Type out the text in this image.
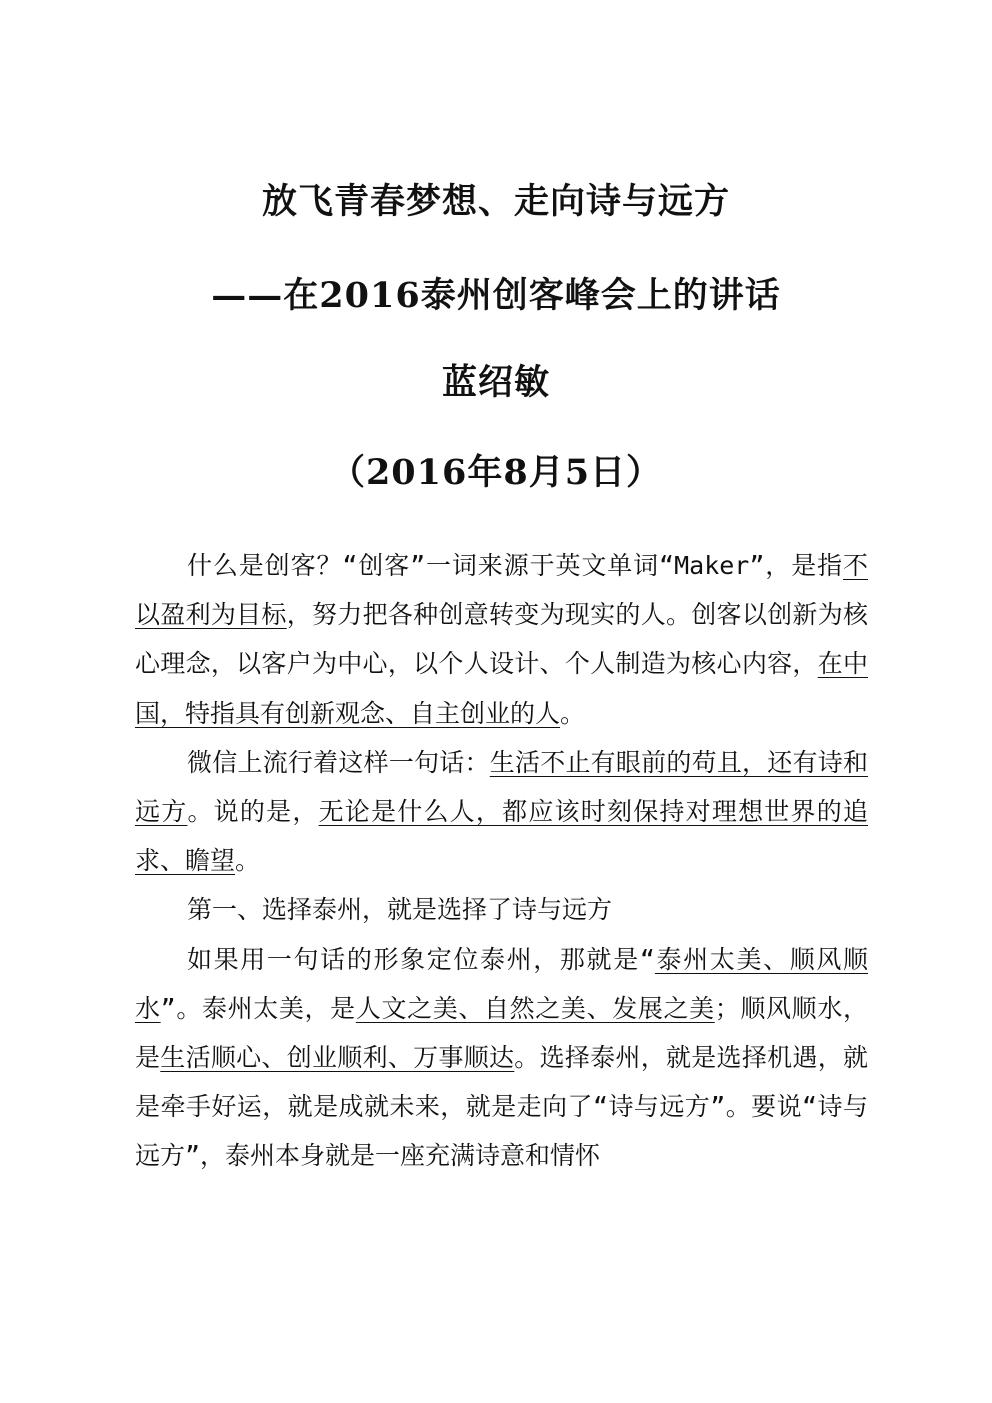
放飞青春梦想、走向诗与远方
——在2016泰州创客峰会上的讲话
蓝绍敏
（2016年8月5日）

什么是创客？“创客”一词来源于英文单词“Maker”，是指不以盈利为目标，努力把各种创意转变为现实的人。创客以创新为核心理念，以客户为中心，以个人设计、个人制造为核心内容，在中国，特指具有创新观念、自主创业的人。

微信上流行着这样一句话：生活不止有眼前的苟且，还有诗和远方。说的是，无论是什么人，都应该时刻保持对理想世界的追求、瞻望。

第一、选择泰州，就是选择了诗与远方

如果用一句话的形象定位泰州，那就是“泰州太美、顺风顺水”。泰州太美，是人文之美、自然之美、发展之美；顺风顺水，是生活顺心、创业顺利、万事顺达。选择泰州，就是选择机遇，就是牵手好运，就是成就未来，就是走向了“诗与远方”。要说“诗与远方”，泰州本身就是一座充满诗意和情怀
